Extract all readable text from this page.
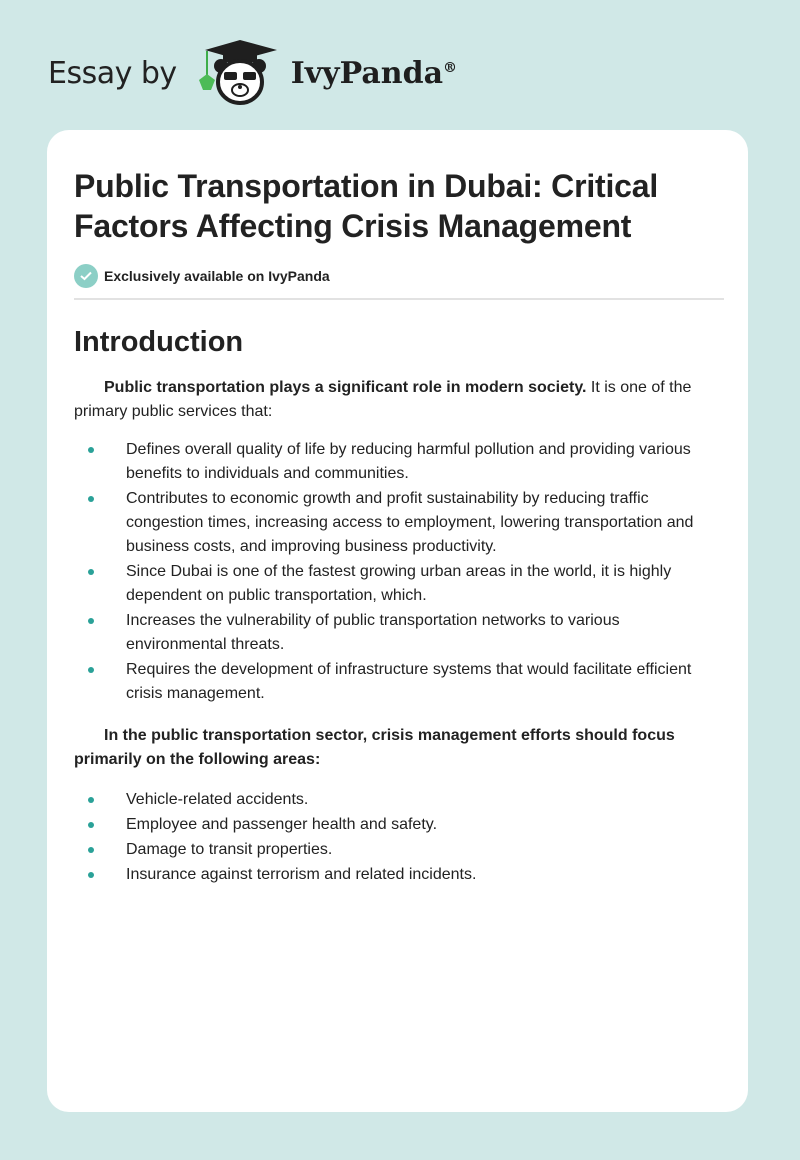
Essay by	IvyPanda®
Public Transportation in Dubai: Critical Factors Affecting Crisis Management
Exclusively available on IvyPanda
Introduction

Public transportation plays a significant role in modern society. It is one of the primary public services that:

Defines overall quality of life by reducing harmful pollution and providing various benefits to individuals and communities.
Contributes to economic growth and profit sustainability by reducing traffic congestion times, increasing access to employment, lowering transportation and business costs, and improving business productivity.
Since Dubai is one of the fastest growing urban areas in the world, it is highly dependent on public transportation, which.
Increases the vulnerability of public transportation networks to various environmental threats.
Requires the development of infrastructure systems that would facilitate efficient crisis management.

In the public transportation sector, crisis management efforts should focus primarily on the following areas:

Vehicle-related accidents.
Employee and passenger health and safety.
Damage to transit properties.
Insurance against terrorism and related incidents.
